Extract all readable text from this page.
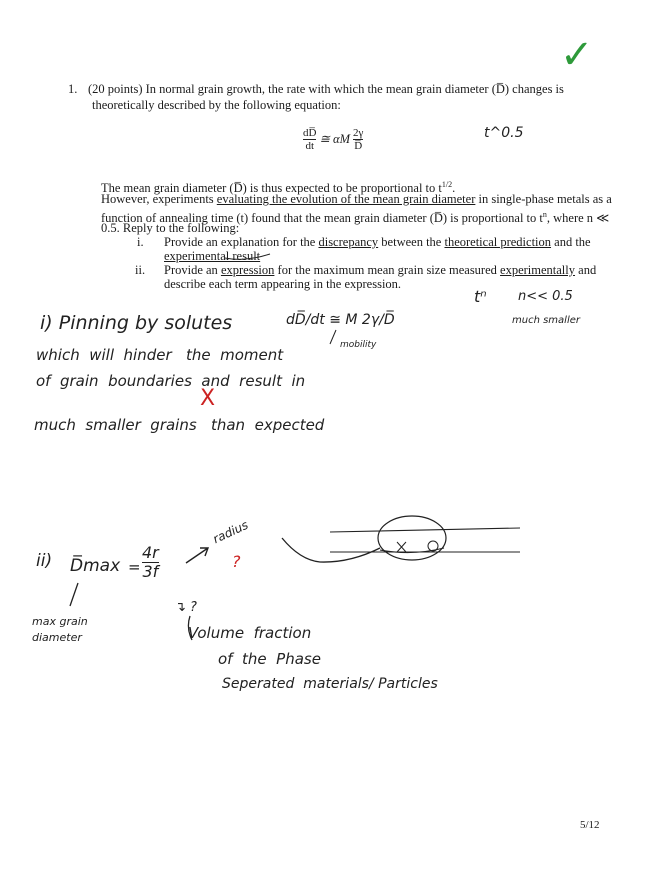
✓
1. (20 points) In normal grain growth, the rate with which the mean grain diameter (D̅) changes is
theoretically described by the following equation:
$\frac{dD̅}{dt}$ ≅ αM $\frac{2\gamma}{D̅}$	t^0.5
The mean grain diameter (D̅) is thus expected to be proportional to $t^{1/2}$.
However, experiments evaluating the evolution of the mean grain diameter in single-phase metals as a
function of annealing time (t) found that the mean grain diameter (D̅) is proportional to $t^n$, where n ≪
0.5. Reply to the following:
i. Provide an explanation for the discrepancy between the theoretical prediction and the
experimental result
ii. Provide an expression for the maximum mean grain size measured experimentally and
describe each term appearing in the expression.
tⁿ n<< 0.5
much smaller
i) Pinning by solutes	dD̅/dt ≅ M 2γ/D̅
mobility
which  will  hinder   the  moment
of  grain  boundaries  and  result  in
X
much  smaller  grains   than  expected
ii) D̅max = $\frac{4r}{3f}$
radius
?
max grain diameter
↴ ?
Volume  fraction
of  the  Phase
Seperated  materials/ Particles
5/12
